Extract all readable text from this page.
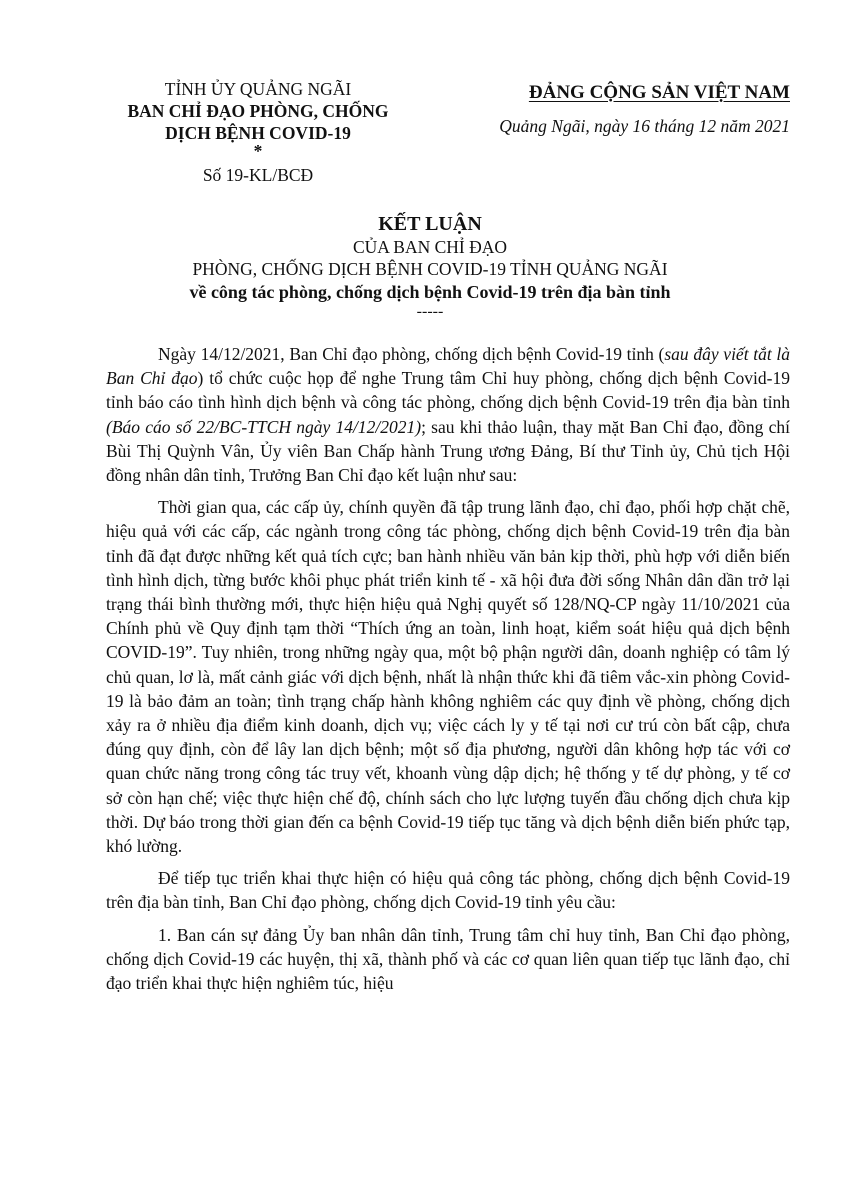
TỈNH ỦY QUẢNG NGÃI
BAN CHỈ ĐẠO PHÒNG, CHỐNG
DỊCH BỆNH COVID-19
*
Số 19-KL/BCĐ
ĐẢNG CỘNG SẢN VIỆT NAM
Quảng Ngãi, ngày 16 tháng 12 năm 2021
KẾT LUẬN
CỦA BAN CHỈ ĐẠO
PHÒNG, CHỐNG DỊCH BỆNH COVID-19 TỈNH QUẢNG NGÃI
về công tác phòng, chống dịch bệnh Covid-19 trên địa bàn tỉnh
-----

Ngày 14/12/2021, Ban Chỉ đạo phòng, chống dịch bệnh Covid-19 tỉnh (sau đây viết tắt là Ban Chỉ đạo) tổ chức cuộc họp để nghe Trung tâm Chỉ huy phòng, chống dịch bệnh Covid-19 tỉnh báo cáo tình hình dịch bệnh và công tác phòng, chống dịch bệnh Covid-19 trên địa bàn tỉnh (Báo cáo số 22/BC-TTCH ngày 14/12/2021); sau khi thảo luận, thay mặt Ban Chỉ đạo, đồng chí Bùi Thị Quỳnh Vân, Ủy viên Ban Chấp hành Trung ương Đảng, Bí thư Tỉnh ủy, Chủ tịch Hội đồng nhân dân tỉnh, Trưởng Ban Chỉ đạo kết luận như sau:

Thời gian qua, các cấp ủy, chính quyền đã tập trung lãnh đạo, chỉ đạo, phối hợp chặt chẽ, hiệu quả với các cấp, các ngành trong công tác phòng, chống dịch bệnh Covid-19 trên địa bàn tỉnh đã đạt được những kết quả tích cực; ban hành nhiều văn bản kịp thời, phù hợp với diễn biến tình hình dịch, từng bước khôi phục phát triển kinh tế - xã hội đưa đời sống Nhân dân dần trở lại trạng thái bình thường mới, thực hiện hiệu quả Nghị quyết số 128/NQ-CP ngày 11/10/2021 của Chính phủ về Quy định tạm thời “Thích ứng an toàn, linh hoạt, kiểm soát hiệu quả dịch bệnh COVID-19”. Tuy nhiên, trong những ngày qua, một bộ phận người dân, doanh nghiệp có tâm lý chủ quan, lơ là, mất cảnh giác với dịch bệnh, nhất là nhận thức khi đã tiêm vắc-xin phòng Covid-19 là bảo đảm an toàn; tình trạng chấp hành không nghiêm các quy định về phòng, chống dịch xảy ra ở nhiều địa điểm kinh doanh, dịch vụ; việc cách ly y tế tại nơi cư trú còn bất cập, chưa đúng quy định, còn để lây lan dịch bệnh; một số địa phương, người dân không hợp tác với cơ quan chức năng trong công tác truy vết, khoanh vùng dập dịch; hệ thống y tế dự phòng, y tế cơ sở còn hạn chế; việc thực hiện chế độ, chính sách cho lực lượng tuyến đầu chống dịch chưa kịp thời. Dự báo trong thời gian đến ca bệnh Covid-19 tiếp tục tăng và dịch bệnh diễn biến phức tạp, khó lường.

Để tiếp tục triển khai thực hiện có hiệu quả công tác phòng, chống dịch bệnh Covid-19 trên địa bàn tỉnh, Ban Chỉ đạo phòng, chống dịch Covid-19 tỉnh yêu cầu:

1. Ban cán sự đảng Ủy ban nhân dân tỉnh, Trung tâm chỉ huy tỉnh, Ban Chỉ đạo phòng, chống dịch Covid-19 các huyện, thị xã, thành phố và các cơ quan liên quan tiếp tục lãnh đạo, chỉ đạo triển khai thực hiện nghiêm túc, hiệu
